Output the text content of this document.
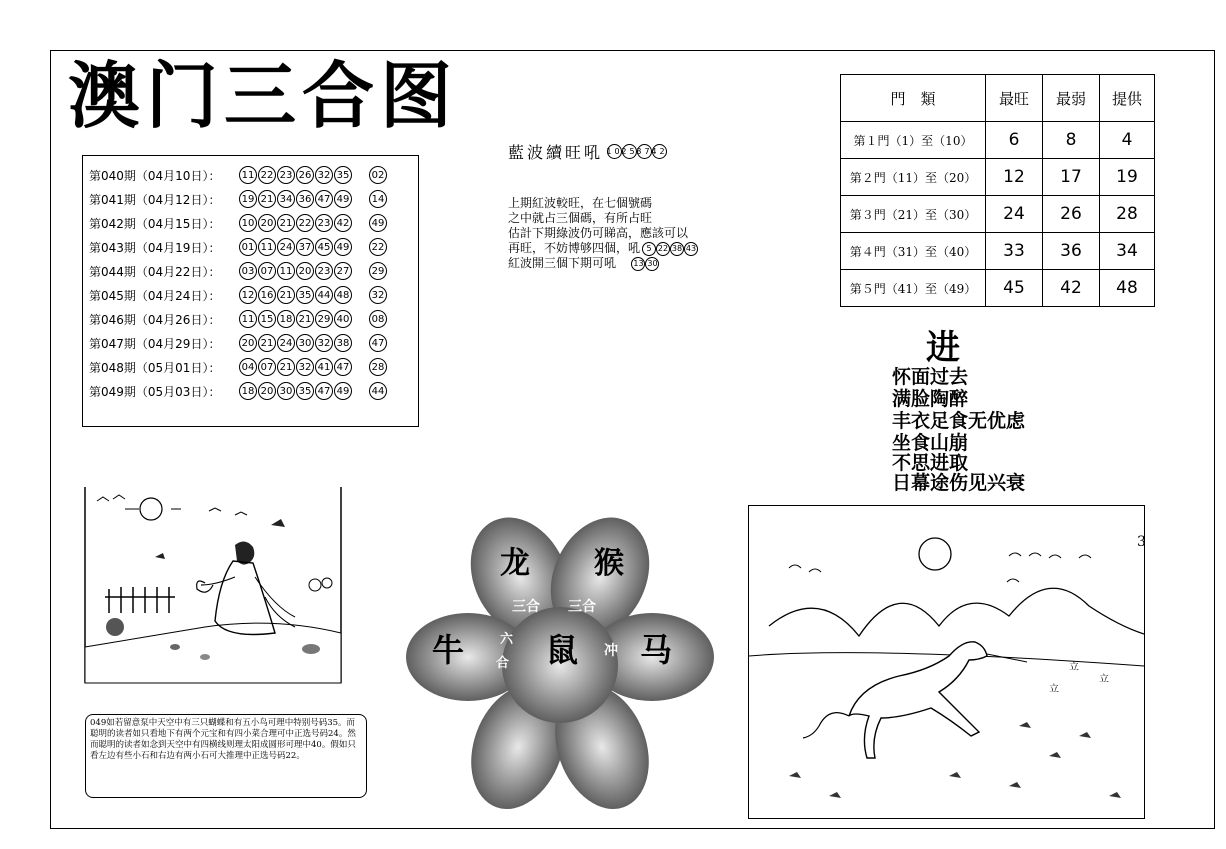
澳门三合图
第040期（04月10日）：	11 22 23 26 32 35 02
第041期（04月12日）：	19 21 34 36 47 49 14
第042期（04月15日）：	10 20 21 22 23 42 49
第043期（04月19日）：	01 11 24 37 45 49 22
第044期（04月22日）：	03 07 11 20 23 27 29
第045期（04月24日）：	12 16 21 35 44 48 32
第046期（04月26日）：	11 15 18 21 29 40 08
第047期（04月29日）：	20 21 24 30 32 38 47
第048期（05月01日）：	04 07 21 32 41 47 28
第049期（05月03日）：	18 20 30 35 47 49 44
藍波續旺吼 10
25
37
42
上期紅波較旺，在七個號碼
之中就占三個碼，有所占旺
估計下期綠波仍可睇高，應該可以
再旺，不妨博够四個，吼 5 22 38 43
紅波開三個下期可吼
13 30
門　類	最旺	最弱	提供
第１門（1）至（10）	6	8	4
第２門（11）至（20）	12	17	19
第３門（21）至（30）	24	26	28
第４門（31）至（40）	33	36	34
第５門（41）至（49）	45	42	48
进
怀面过去
满脸陶醉
丰衣足食无优虑
坐食山崩
不思进取
日幕途伤见兴衰
049如若留意泵中天空中有三只蝴蝶和有五小鸟可理中特别号码35。而聪明的读者如只看地下有两个元宝和有四小菜合理可中正选号码24。然而聪明的读者如念到天空中有四横线则理太阳成圆形可理中40。假如只看左边有些小石和右边有两小石可大推理中正选号码22。
龙 猴
牛	鼠 马
三合 三合
六
合
冲
立
立
立
3
